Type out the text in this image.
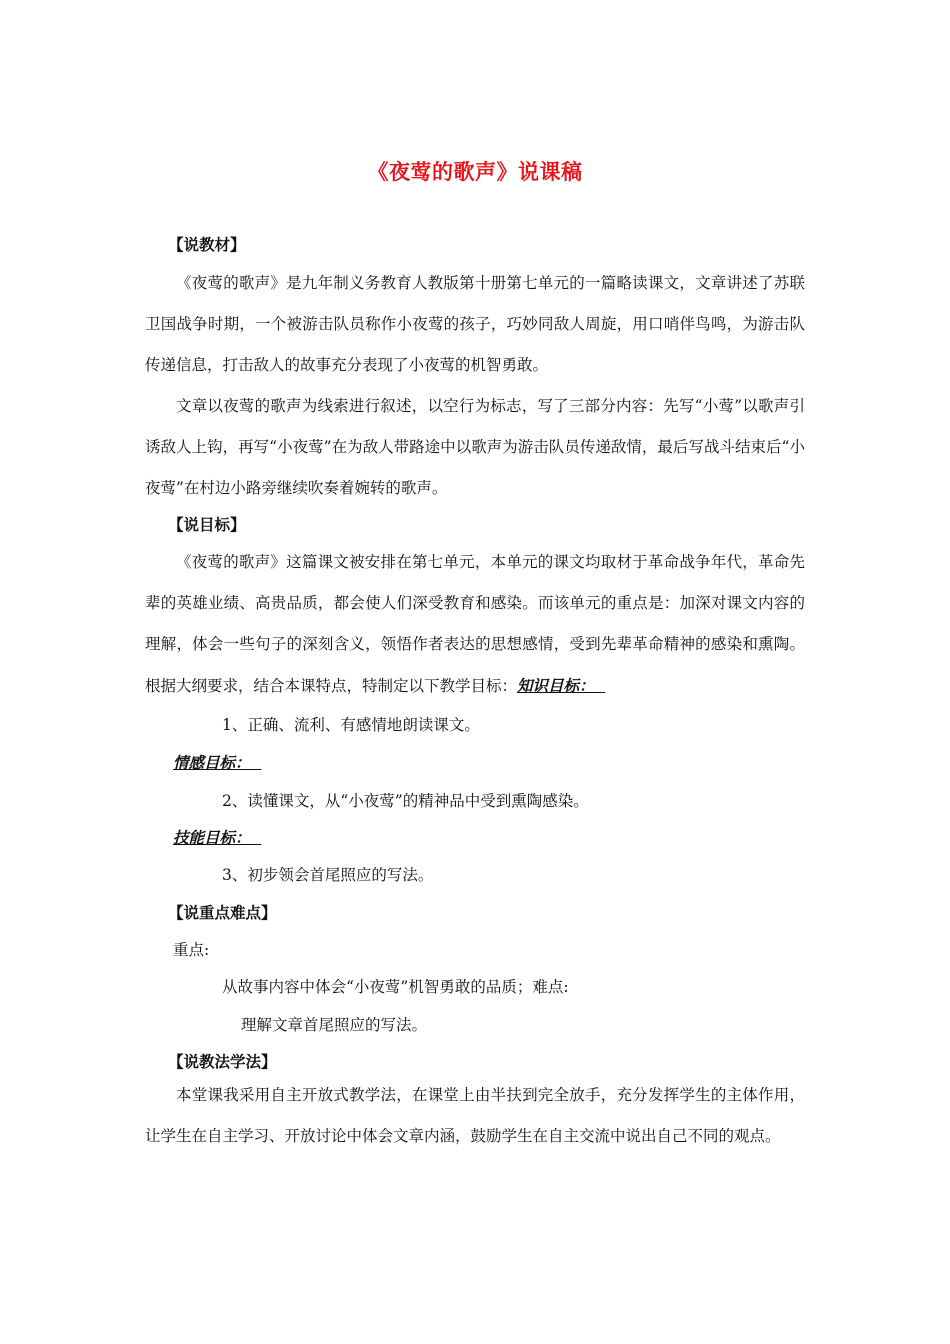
《夜莺的歌声》说课稿
【说教材】
《夜莺的歌声》是九年制义务教育人教版第十册第七单元的一篇略读课文，文章讲述了苏联卫国战争时期，一个被游击队员称作小夜莺的孩子，巧妙同敌人周旋，用口哨伴鸟鸣，为游击队传递信息，打击敌人的故事充分表现了小夜莺的机智勇敢。
文章以夜莺的歌声为线索进行叙述，以空行为标志，写了三部分内容：先写“小莺”以歌声引诱敌人上钩，再写“小夜莺”在为敌人带路途中以歌声为游击队员传递敌情，最后写战斗结束后“小夜莺”在村边小路旁继续吹奏着婉转的歌声。
【说目标】
《夜莺的歌声》这篇课文被安排在第七单元，本单元的课文均取材于革命战争年代，革命先辈的英雄业绩、高贵品质，都会使人们深受教育和感染。而该单元的重点是：加深对课文内容的理解，体会一些句子的深刻含义，领悟作者表达的思想感情，受到先辈革命精神的感染和熏陶。根据大纲要求，结合本课特点，特制定以下教学目标：知识目标：
1、正确、流利、有感情地朗读课文。
情感目标：
2、读懂课文，从“小夜莺”的精神品中受到熏陶感染。
技能目标：
3、初步领会首尾照应的写法。
【说重点难点】
重点:
从故事内容中体会“小夜莺”机智勇敢的品质；难点:
理解文章首尾照应的写法。
【说教法学法】
本堂课我采用自主开放式教学法，在课堂上由半扶到完全放手，充分发挥学生的主体作用，让学生在自主学习、开放讨论中体会文章内涵，鼓励学生在自主交流中说出自己不同的观点。
